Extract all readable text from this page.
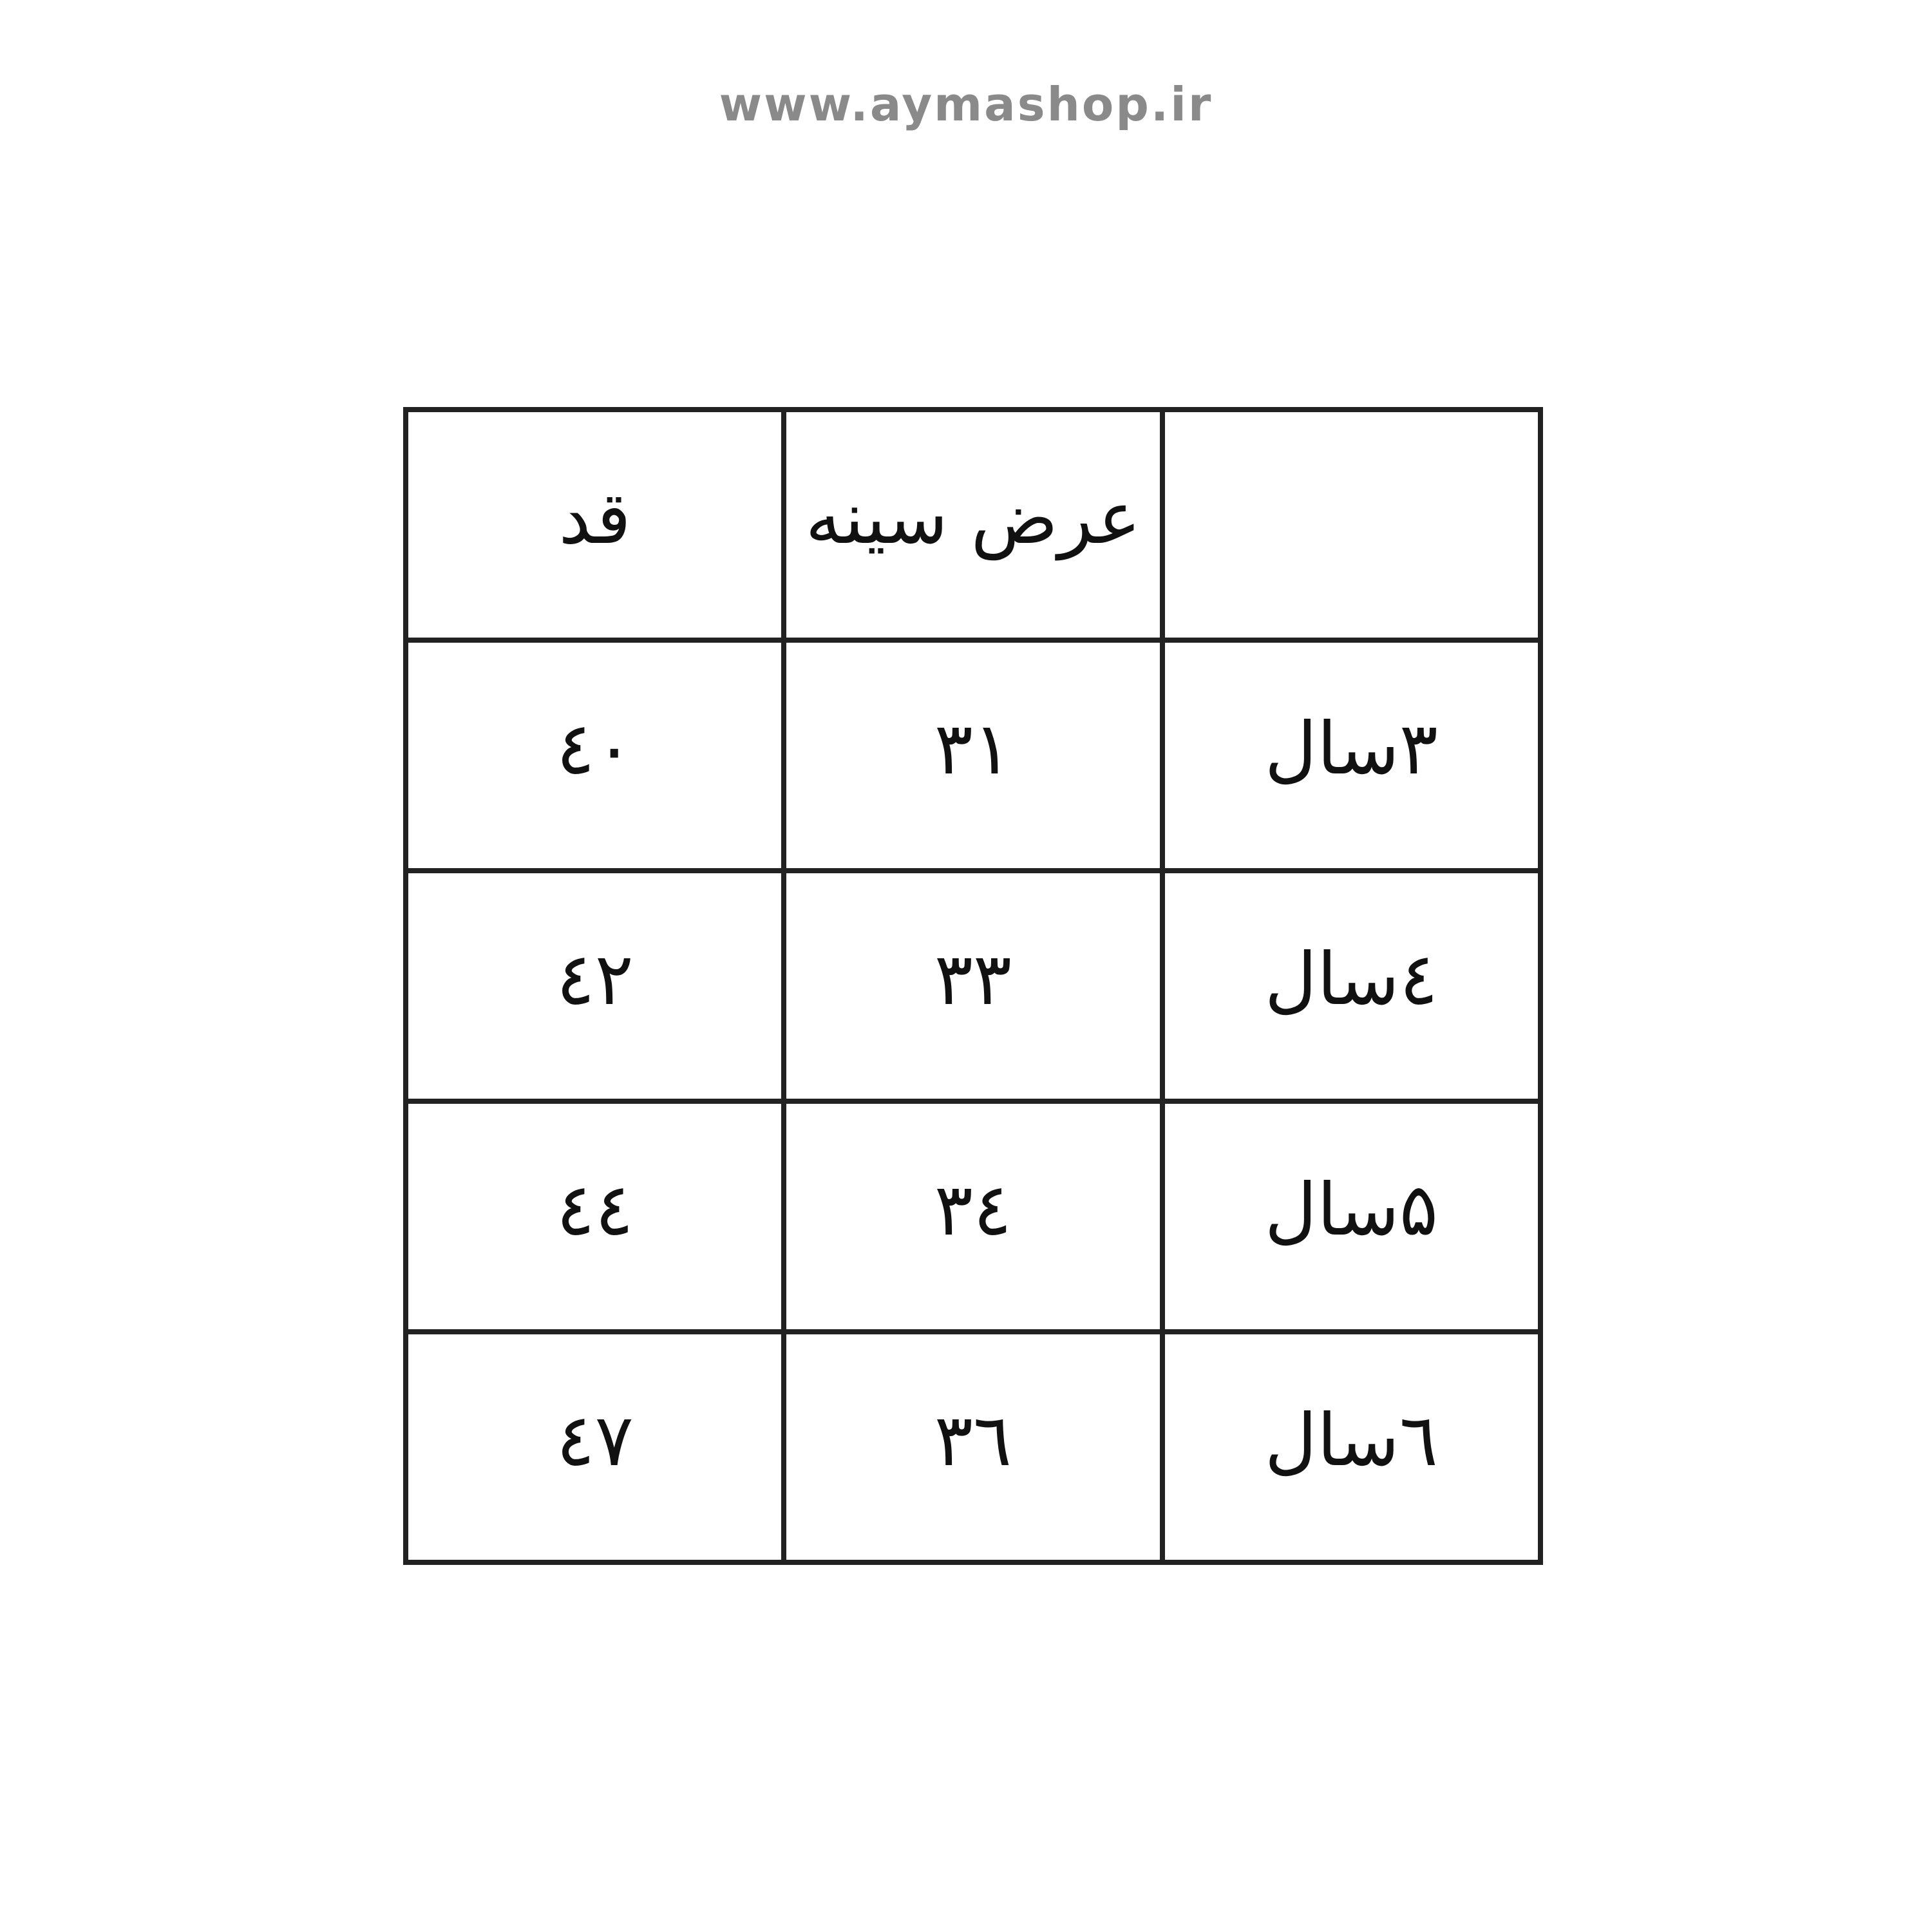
www.aymashop.ir
	عرض سینه	قد
۳سال	۳۱	٤۰
٤سال	۳۳	٤۲
۵سال	۳٤	٤٤
٦سال	۳٦	٤۷
